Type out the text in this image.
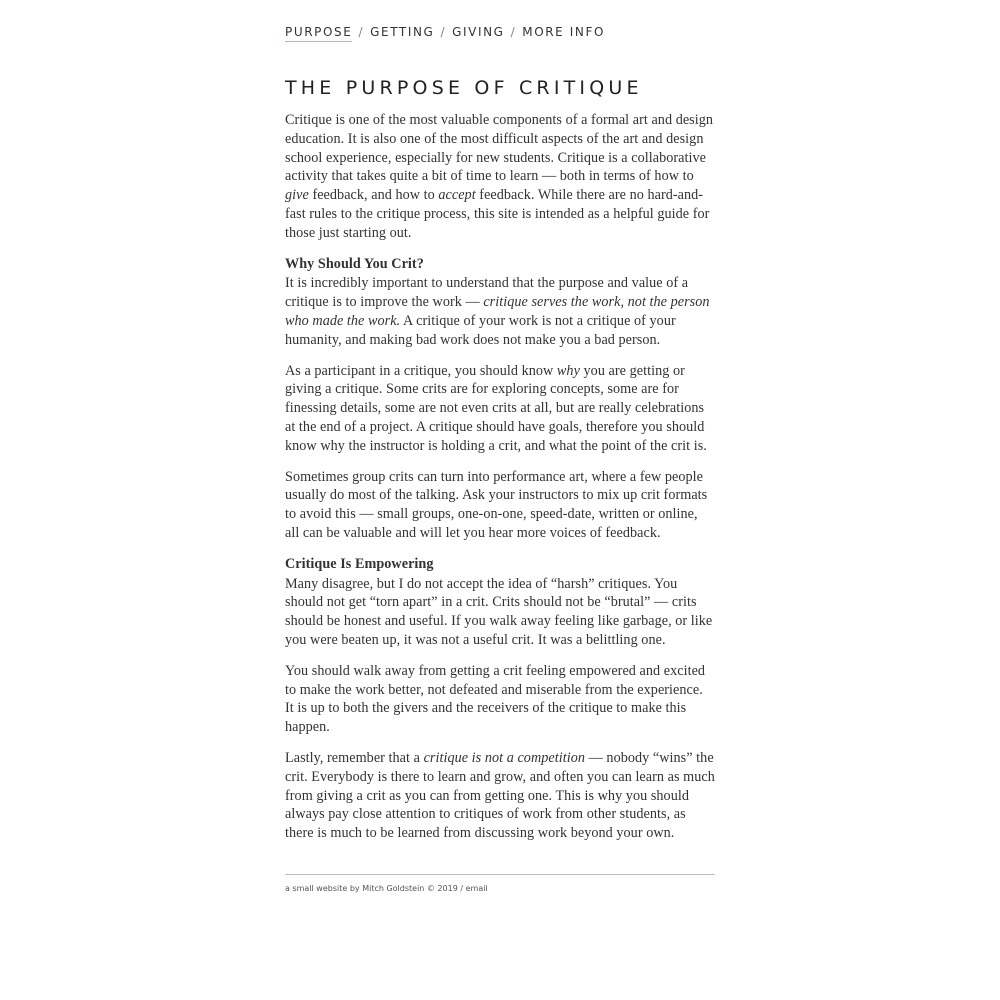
PURPOSE / GETTING / GIVING / MORE INFO
THE PURPOSE OF CRITIQUE

Critique is one of the most valuable components of a formal art and design education. It is also one of the most difficult aspects of the art and design school experience, especially for new students. Critique is a collaborative activity that takes quite a bit of time to learn — both in terms of how to give feedback, and how to accept feedback. While there are no hard-and-fast rules to the critique process, this site is intended as a helpful guide for those just starting out.

Why Should You Crit?

It is incredibly important to understand that the purpose and value of a critique is to improve the work — critique serves the work, not the person who made the work. A critique of your work is not a critique of your humanity, and making bad work does not make you a bad person.

As a participant in a critique, you should know why you are getting or giving a critique. Some crits are for exploring concepts, some are for finessing details, some are not even crits at all, but are really celebrations at the end of a project. A critique should have goals, therefore you should know why the instructor is holding a crit, and what the point of the crit is.

Sometimes group crits can turn into performance art, where a few people usually do most of the talking. Ask your instructors to mix up crit formats to avoid this — small groups, one-on-one, speed-date, written or online, all can be valuable and will let you hear more voices of feedback.

Critique Is Empowering

Many disagree, but I do not accept the idea of “harsh” critiques. You should not get “torn apart” in a crit. Crits should not be “brutal” — crits should be honest and useful. If you walk away feeling like garbage, or like you were beaten up, it was not a useful crit. It was a belittling one.

You should walk away from getting a crit feeling empowered and excited to make the work better, not defeated and miserable from the experience. It is up to both the givers and the receivers of the critique to make this happen.

Lastly, remember that a critique is not a competition — nobody “wins” the crit. Everybody is there to learn and grow, and often you can learn as much from giving a crit as you can from getting one. This is why you should always pay close attention to critiques of work from other students, as there is much to be learned from discussing work beyond your own.

a small website by Mitch Goldstein © 2019 / email
